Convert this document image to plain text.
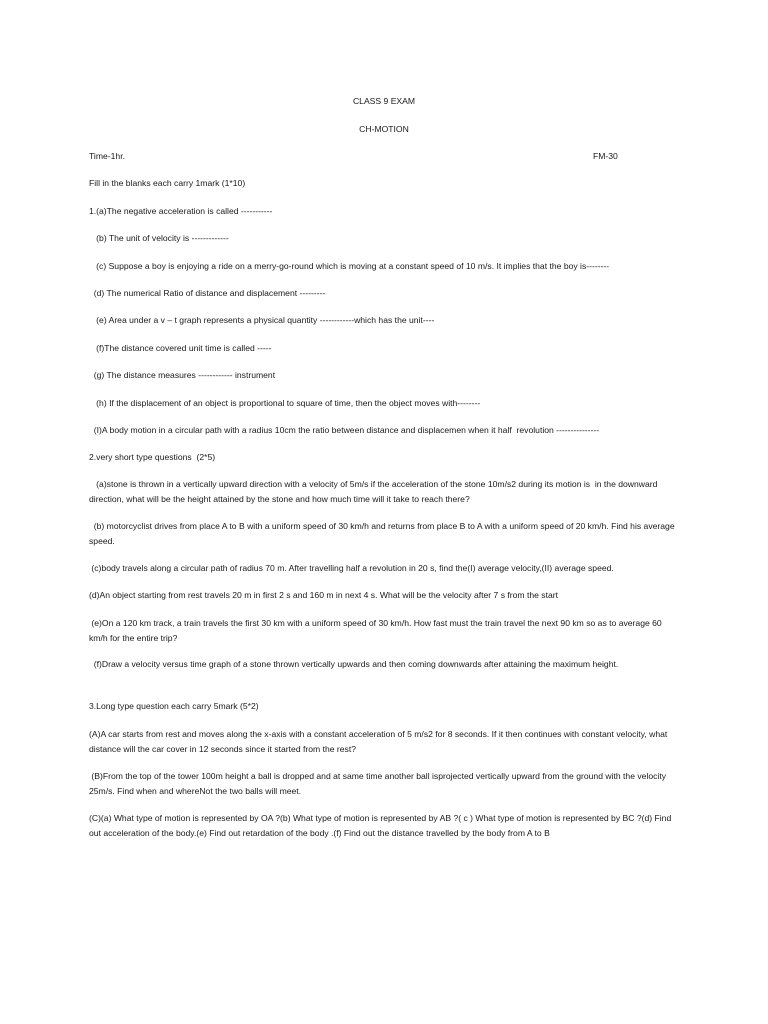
CLASS 9 EXAM
CH-MOTION
Time-1hr.	FM-30
Fill in the blanks each carry 1mark (1*10)
1.(a)The negative acceleration is called -----------
(b) The unit of velocity is -------------
(c) Suppose a boy is enjoying a ride on a merry-go-round which is moving at a constant speed of 10 m/s. It implies that the boy is--------
(d) The numerical Ratio of distance and displacement ---------
(e) Area under a v – t graph represents a physical quantity ------------which has the unit----
(f)The distance covered unit time is called -----
(g) The distance measures ------------ instrument
(h) If the displacement of an object is proportional to square of time, then the object moves with--------
(I)A body motion in a circular path with a radius 10cm the ratio between distance and displacemen when it half  revolution ---------------
2.very short type questions  (2*5)
(a)stone is thrown in a vertically upward direction with a velocity of 5m/s if the acceleration of the stone 10m/s2 during its motion is  in the downward direction, what will be the height attained by the stone and how much time will it take to reach there?
(b) motorcyclist drives from place A to B with a uniform speed of 30 km/h and returns from place B to A with a uniform speed of 20 km/h. Find his average speed.
(c)body travels along a circular path of radius 70 m. After travelling half a revolution in 20 s, find the(I) average velocity,(II) average speed.
(d)An object starting from rest travels 20 m in first 2 s and 160 m in next 4 s. What will be the velocity after 7 s from the start
(e)On a 120 km track, a train travels the first 30 km with a uniform speed of 30 km/h. How fast must the train travel the next 90 km so as to average 60 km/h for the entire trip?
(f)Draw a velocity versus time graph of a stone thrown vertically upwards and then coming downwards after attaining the maximum height.
3.Long type question each carry 5mark (5*2)
(A)A car starts from rest and moves along the x-axis with a constant acceleration of 5 m/s2 for 8 seconds. If it then continues with constant velocity, what distance will the car cover in 12 seconds since it started from the rest?
(B)From the top of the tower 100m height a ball is dropped and at same time another ball isprojected vertically upward from the ground with the velocity 25m/s. Find when and whereNot the two balls will meet.
(C)(a) What type of motion is represented by OA ?(b) What type of motion is represented by AB ?( c ) What type of motion is represented by BC ?(d) Find out acceleration of the body.(e) Find out retardation of the body .(f) Find out the distance travelled by the body from A to B
